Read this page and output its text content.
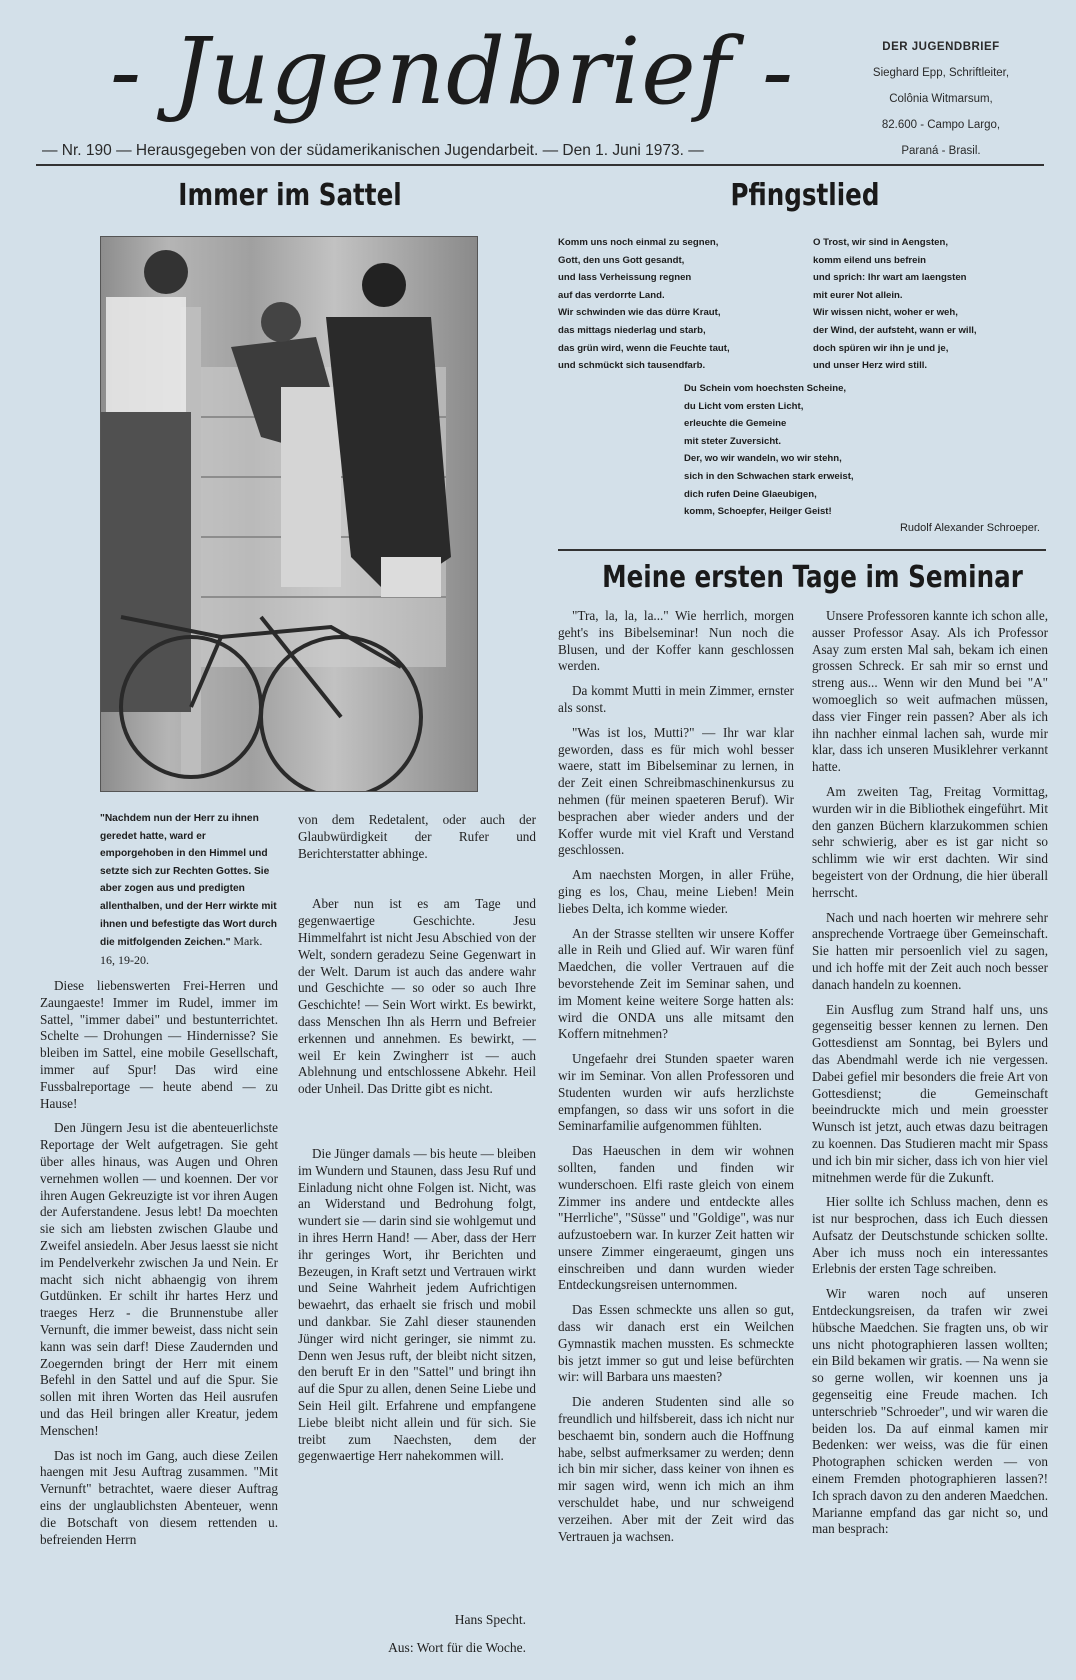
- Jugendbrief -	DER JUGENDBRIEF
Sieghard Epp, Schriftleiter,
Colônia Witmarsum,
82.600 - Campo Largo,
Paraná - Brasil.
— Nr. 190 — Herausgegeben von der südamerikanischen Jugendarbeit. — Den 1. Juni 1973. —
Immer im Sattel
"Nachdem nun der Herr zu ihnen geredet hatte, ward er emporgehoben in den Himmel und setzte sich zur Rechten Gottes. Sie aber zogen aus und predigten allenthalben, und der Herr wirkte mit ihnen und befestigte das Wort durch die mitfolgenden Zeichen." Mark. 16, 19-20.

Diese liebenswerten Frei-Herren und Zaungaeste! Immer im Rudel, immer im Sattel, "immer dabei" und bestunterrichtet. Schelte — Drohungen — Hindernisse? Sie bleiben im Sattel, eine mobile Gesellschaft, immer auf Spur! Das wird eine Fussbalreportage — heute abend — zu Hause!

Den Jüngern Jesu ist die abenteuerlichste Reportage der Welt aufgetragen. Sie geht über alles hinaus, was Augen und Ohren vernehmen wollen — und koennen. Der vor ihren Augen Gekreuzigte ist vor ihren Augen der Auferstandene. Jesus lebt! Da moechten sie sich am liebsten zwischen Glaube und Zweifel ansiedeln. Aber Jesus laesst sie nicht im Pendelverkehr zwischen Ja und Nein. Er macht sich nicht abhaengig von ihrem Gutdünken. Er schilt ihr hartes Herz und traeges Herz - die Brunnenstube aller Vernunft, die immer beweist, dass nicht sein kann was sein darf! Diese Zaudernden und Zoegernden bringt der Herr mit einem Befehl in den Sattel und auf die Spur. Sie sollen mit ihren Worten das Heil ausrufen und das Heil bringen aller Kreatur, jedem Menschen!

Das ist noch im Gang, auch diese Zeilen haengen mit Jesu Auftrag zusammen. "Mit Vernunft" betrachtet, waere dieser Auftrag eins der unglaublichsten Abenteuer, wenn die Botschaft von diesem rettenden u. befreienden Herrn

von dem Redetalent, oder auch der Glaubwürdigkeit der Rufer und Berichterstatter abhinge.

Aber nun ist es am Tage und gegenwaertige Geschichte. Jesu Himmelfahrt ist nicht Jesu Abschied von der Welt, sondern geradezu Seine Gegenwart in der Welt. Darum ist auch das andere wahr und Geschichte — so oder so auch Ihre Geschichte! — Sein Wort wirkt. Es bewirkt, dass Menschen Ihn als Herrn und Befreier erkennen und annehmen. Es bewirkt, — weil Er kein Zwingherr ist — auch Ablehnung und entschlossene Abkehr. Heil oder Unheil. Das Dritte gibt es nicht.

Die Jünger damals — bis heute — bleiben im Wundern und Staunen, dass Jesu Ruf und Einladung nicht ohne Folgen ist. Nicht, was an Widerstand und Bedrohung folgt, wundert sie — darin sind sie wohlgemut und in ihres Herrn Hand! — Aber, dass der Herr ihr geringes Wort, ihr Berichten und Bezeugen, in Kraft setzt und Vertrauen wirkt und Seine Wahrheit jedem Aufrichtigen bewaehrt, das erhaelt sie frisch und mobil und dankbar. Sie Zahl dieser staunenden Jünger wird nicht geringer, sie nimmt zu. Denn wen Jesus ruft, der bleibt nicht sitzen, den beruft Er in den "Sattel" und bringt ihn auf die Spur zu allen, denen Seine Liebe und Sein Heil gilt. Erfahrene und empfangene Liebe bleibt nicht allein und für sich. Sie treibt zum Naechsten, dem der gegenwaertige Herr nahekommen will.

Hans Specht.
Aus: Wort für die Woche.
Pfingstlied
Komm uns noch einmal zu segnen,
Gott, den uns Gott gesandt,
und lass Verheissung regnen
auf das verdorrte Land.
Wir schwinden wie das dürre Kraut,
das mittags niederlag und starb,
das grün wird, wenn die Feuchte taut,
und schmückt sich tausendfarb.
O Trost, wir sind in Aengsten,
komm eilend uns befrein
und sprich: Ihr wart am laengsten
mit eurer Not allein.
Wir wissen nicht, woher er weh,
der Wind, der aufsteht, wann er will,
doch spüren wir ihn je und je,
und unser Herz wird still.
Du Schein vom hoechsten Scheine,
du Licht vom ersten Licht,
erleuchte die Gemeine
mit steter Zuversicht.
Der, wo wir wandeln, wo wir stehn,
sich in den Schwachen stark erweist,
dich rufen Deine Glaeubigen,
komm, Schoepfer, Heilger Geist!
Rudolf Alexander Schroeper.
Meine ersten Tage im Seminar

"Tra, la, la, la..." Wie herrlich, morgen geht's ins Bibelseminar! Nun noch die Blusen, und der Koffer kann geschlossen werden.

Da kommt Mutti in mein Zimmer, ernster als sonst.

"Was ist los, Mutti?" — Ihr war klar geworden, dass es für mich wohl besser waere, statt im Bibelseminar zu lernen, in der Zeit einen Schreibmaschinenkursus zu nehmen (für meinen spaeteren Beruf). Wir besprachen aber wieder anders und der Koffer wurde mit viel Kraft und Verstand geschlossen.

Am naechsten Morgen, in aller Frühe, ging es los, Chau, meine Lieben! Mein liebes Delta, ich komme wieder.

An der Strasse stellten wir unsere Koffer alle in Reih und Glied auf. Wir waren fünf Maedchen, die voller Vertrauen auf die bevorstehende Zeit im Seminar sahen, und im Moment keine weitere Sorge hatten als: wird die ONDA uns alle mitsamt den Koffern mitnehmen?

Ungefaehr drei Stunden spaeter waren wir im Seminar. Von allen Professoren und Studenten wurden wir aufs herzlichste empfangen, so dass wir uns sofort in die Seminarfamilie aufgenommen fühlten.

Das Haeuschen in dem wir wohnen sollten, fanden und finden wir wunderschoen. Elfi raste gleich von einem Zimmer ins andere und entdeckte alles "Herrliche", "Süsse" und "Goldige", was nur aufzustoebern war. In kurzer Zeit hatten wir unsere Zimmer eingeraeumt, gingen uns einschreiben und dann wurden wieder Entdeckungsreisen unternommen.

Das Essen schmeckte uns allen so gut, dass wir danach erst ein Weilchen Gymnastik machen mussten. Es schmeckte bis jetzt immer so gut und leise befürchten wir: will Barbara uns maesten?

Die anderen Studenten sind alle so freundlich und hilfsbereit, dass ich nicht nur beschaemt bin, sondern auch die Hoffnung habe, selbst aufmerksamer zu werden; denn ich bin mir sicher, dass keiner von ihnen es mir sagen wird, wenn ich mich an ihm verschuldet habe, und nur schweigend verzeihen. Aber mit der Zeit wird das Vertrauen ja wachsen.

Unsere Professoren kannte ich schon alle, ausser Professor Asay. Als ich Professor Asay zum ersten Mal sah, bekam ich einen grossen Schreck. Er sah mir so ernst und streng aus... Wenn wir den Mund bei "A" womoeglich so weit aufmachen müssen, dass vier Finger rein passen? Aber als ich ihn nachher einmal lachen sah, wurde mir klar, dass ich unseren Musiklehrer verkannt hatte.

Am zweiten Tag, Freitag Vormittag, wurden wir in die Bibliothek eingeführt. Mit den ganzen Büchern klarzukommen schien sehr schwierig, aber es ist gar nicht so schlimm wie wir erst dachten. Wir sind begeistert von der Ordnung, die hier überall herrscht.

Nach und nach hoerten wir mehrere sehr ansprechende Vortraege über Gemeinschaft. Sie hatten mir persoenlich viel zu sagen, und ich hoffe mit der Zeit auch noch besser danach handeln zu koennen.

Ein Ausflug zum Strand half uns, uns gegenseitig besser kennen zu lernen. Den Gottesdienst am Sonntag, bei Bylers und das Abendmahl werde ich nie vergessen. Dabei gefiel mir besonders die freie Art von Gottesdienst; die Gemeinschaft beeindruckte mich und mein groesster Wunsch ist jetzt, auch etwas dazu beitragen zu koennen. Das Studieren macht mir Spass und ich bin mir sicher, dass ich von hier viel mitnehmen werde für die Zukunft.

Hier sollte ich Schluss machen, denn es ist nur besprochen, dass ich Euch diessen Aufsatz der Deutschstunde schicken sollte. Aber ich muss noch ein interessantes Erlebnis der ersten Tage schreiben.

Wir waren noch auf unseren Entdeckungsreisen, da trafen wir zwei hübsche Maedchen. Sie fragten uns, ob wir uns nicht photographieren lassen wollten; ein Bild bekamen wir gratis. — Na wenn sie so gerne wollen, wir koennen uns ja gegenseitig eine Freude machen. Ich unterschrieb "Schroeder", und wir waren die beiden los. Da auf einmal kamen mir Bedenken: wer weiss, was die für einen Photographen schicken werden — von einem Fremden photographieren lassen?! Ich sprach davon zu den anderen Maedchen. Marianne empfand das gar nicht so, und man besprach:
